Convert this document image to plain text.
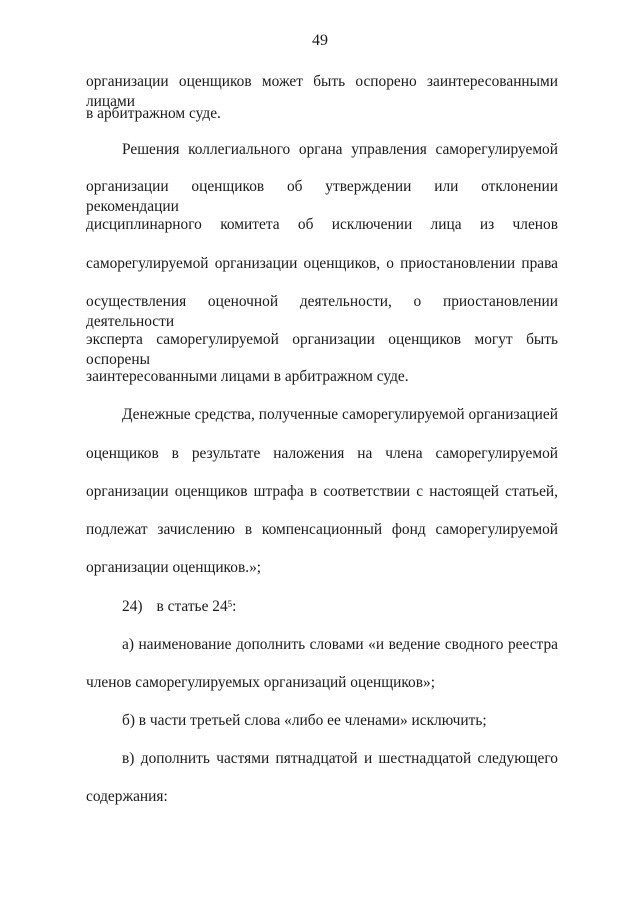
49
организации оценщиков может быть оспорено заинтересованными лицами
в арбитражном суде.
Решения коллегиального органа управления саморегулируемой
организации оценщиков об утверждении или отклонении рекомендации
дисциплинарного комитета об исключении лица из членов
саморегулируемой организации оценщиков, о приостановлении права
осуществления оценочной деятельности, о приостановлении деятельности
эксперта саморегулируемой организации оценщиков могут быть оспорены
заинтересованными лицами в арбитражном суде.
Денежные средства, полученные саморегулируемой организацией
оценщиков в результате наложения на члена саморегулируемой
организации оценщиков штрафа в соответствии с настоящей статьей,
подлежат зачислению в компенсационный фонд саморегулируемой
организации оценщиков.»;
24) в статье $24^5$:
а) наименование дополнить словами «и ведение сводного реестра
членов саморегулируемых организаций оценщиков»;
б) в части третьей слова «либо ее членами» исключить;
в) дополнить частями пятнадцатой и шестнадцатой следующего
содержания:
